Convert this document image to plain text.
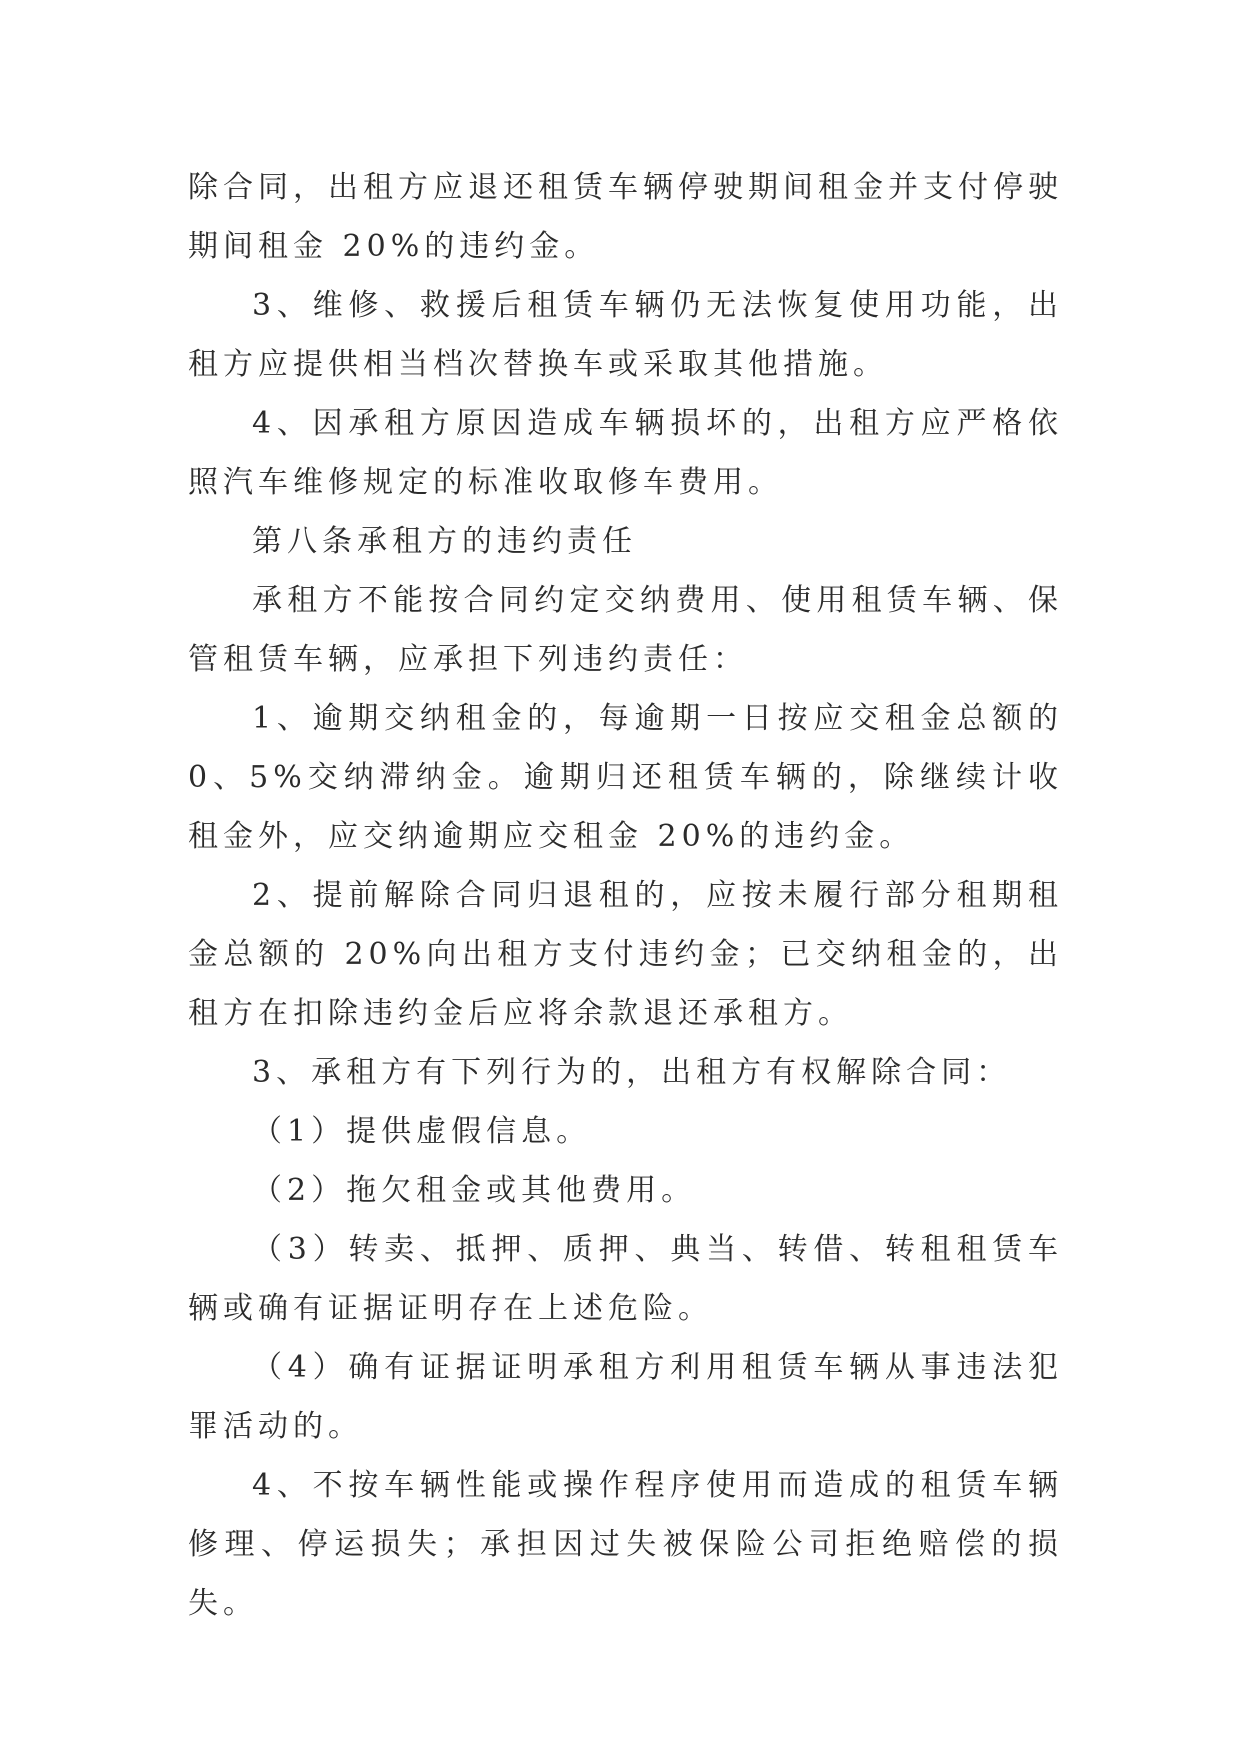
除合同，出租方应退还租赁车辆停驶期间租金并支付停驶期间租金 20%的违约金。

3、维修、救援后租赁车辆仍无法恢复使用功能，出租方应提供相当档次替换车或采取其他措施。

4、因承租方原因造成车辆损坏的，出租方应严格依照汽车维修规定的标准收取修车费用。

第八条承租方的违约责任

承租方不能按合同约定交纳费用、使用租赁车辆、保管租赁车辆，应承担下列违约责任：

1、逾期交纳租金的，每逾期一日按应交租金总额的 0、5%交纳滞纳金。逾期归还租赁车辆的，除继续计收租金外，应交纳逾期应交租金 20%的违约金。

2、提前解除合同归退租的，应按未履行部分租期租金总额的 20%向出租方支付违约金；已交纳租金的，出租方在扣除违约金后应将余款退还承租方。

3、承租方有下列行为的，出租方有权解除合同：

（1）提供虚假信息。

（2）拖欠租金或其他费用。

（3）转卖、抵押、质押、典当、转借、转租租赁车辆或确有证据证明存在上述危险。

（4）确有证据证明承租方利用租赁车辆从事违法犯罪活动的。

4、不按车辆性能或操作程序使用而造成的租赁车辆修理、停运损失；承担因过失被保险公司拒绝赔偿的损失。
